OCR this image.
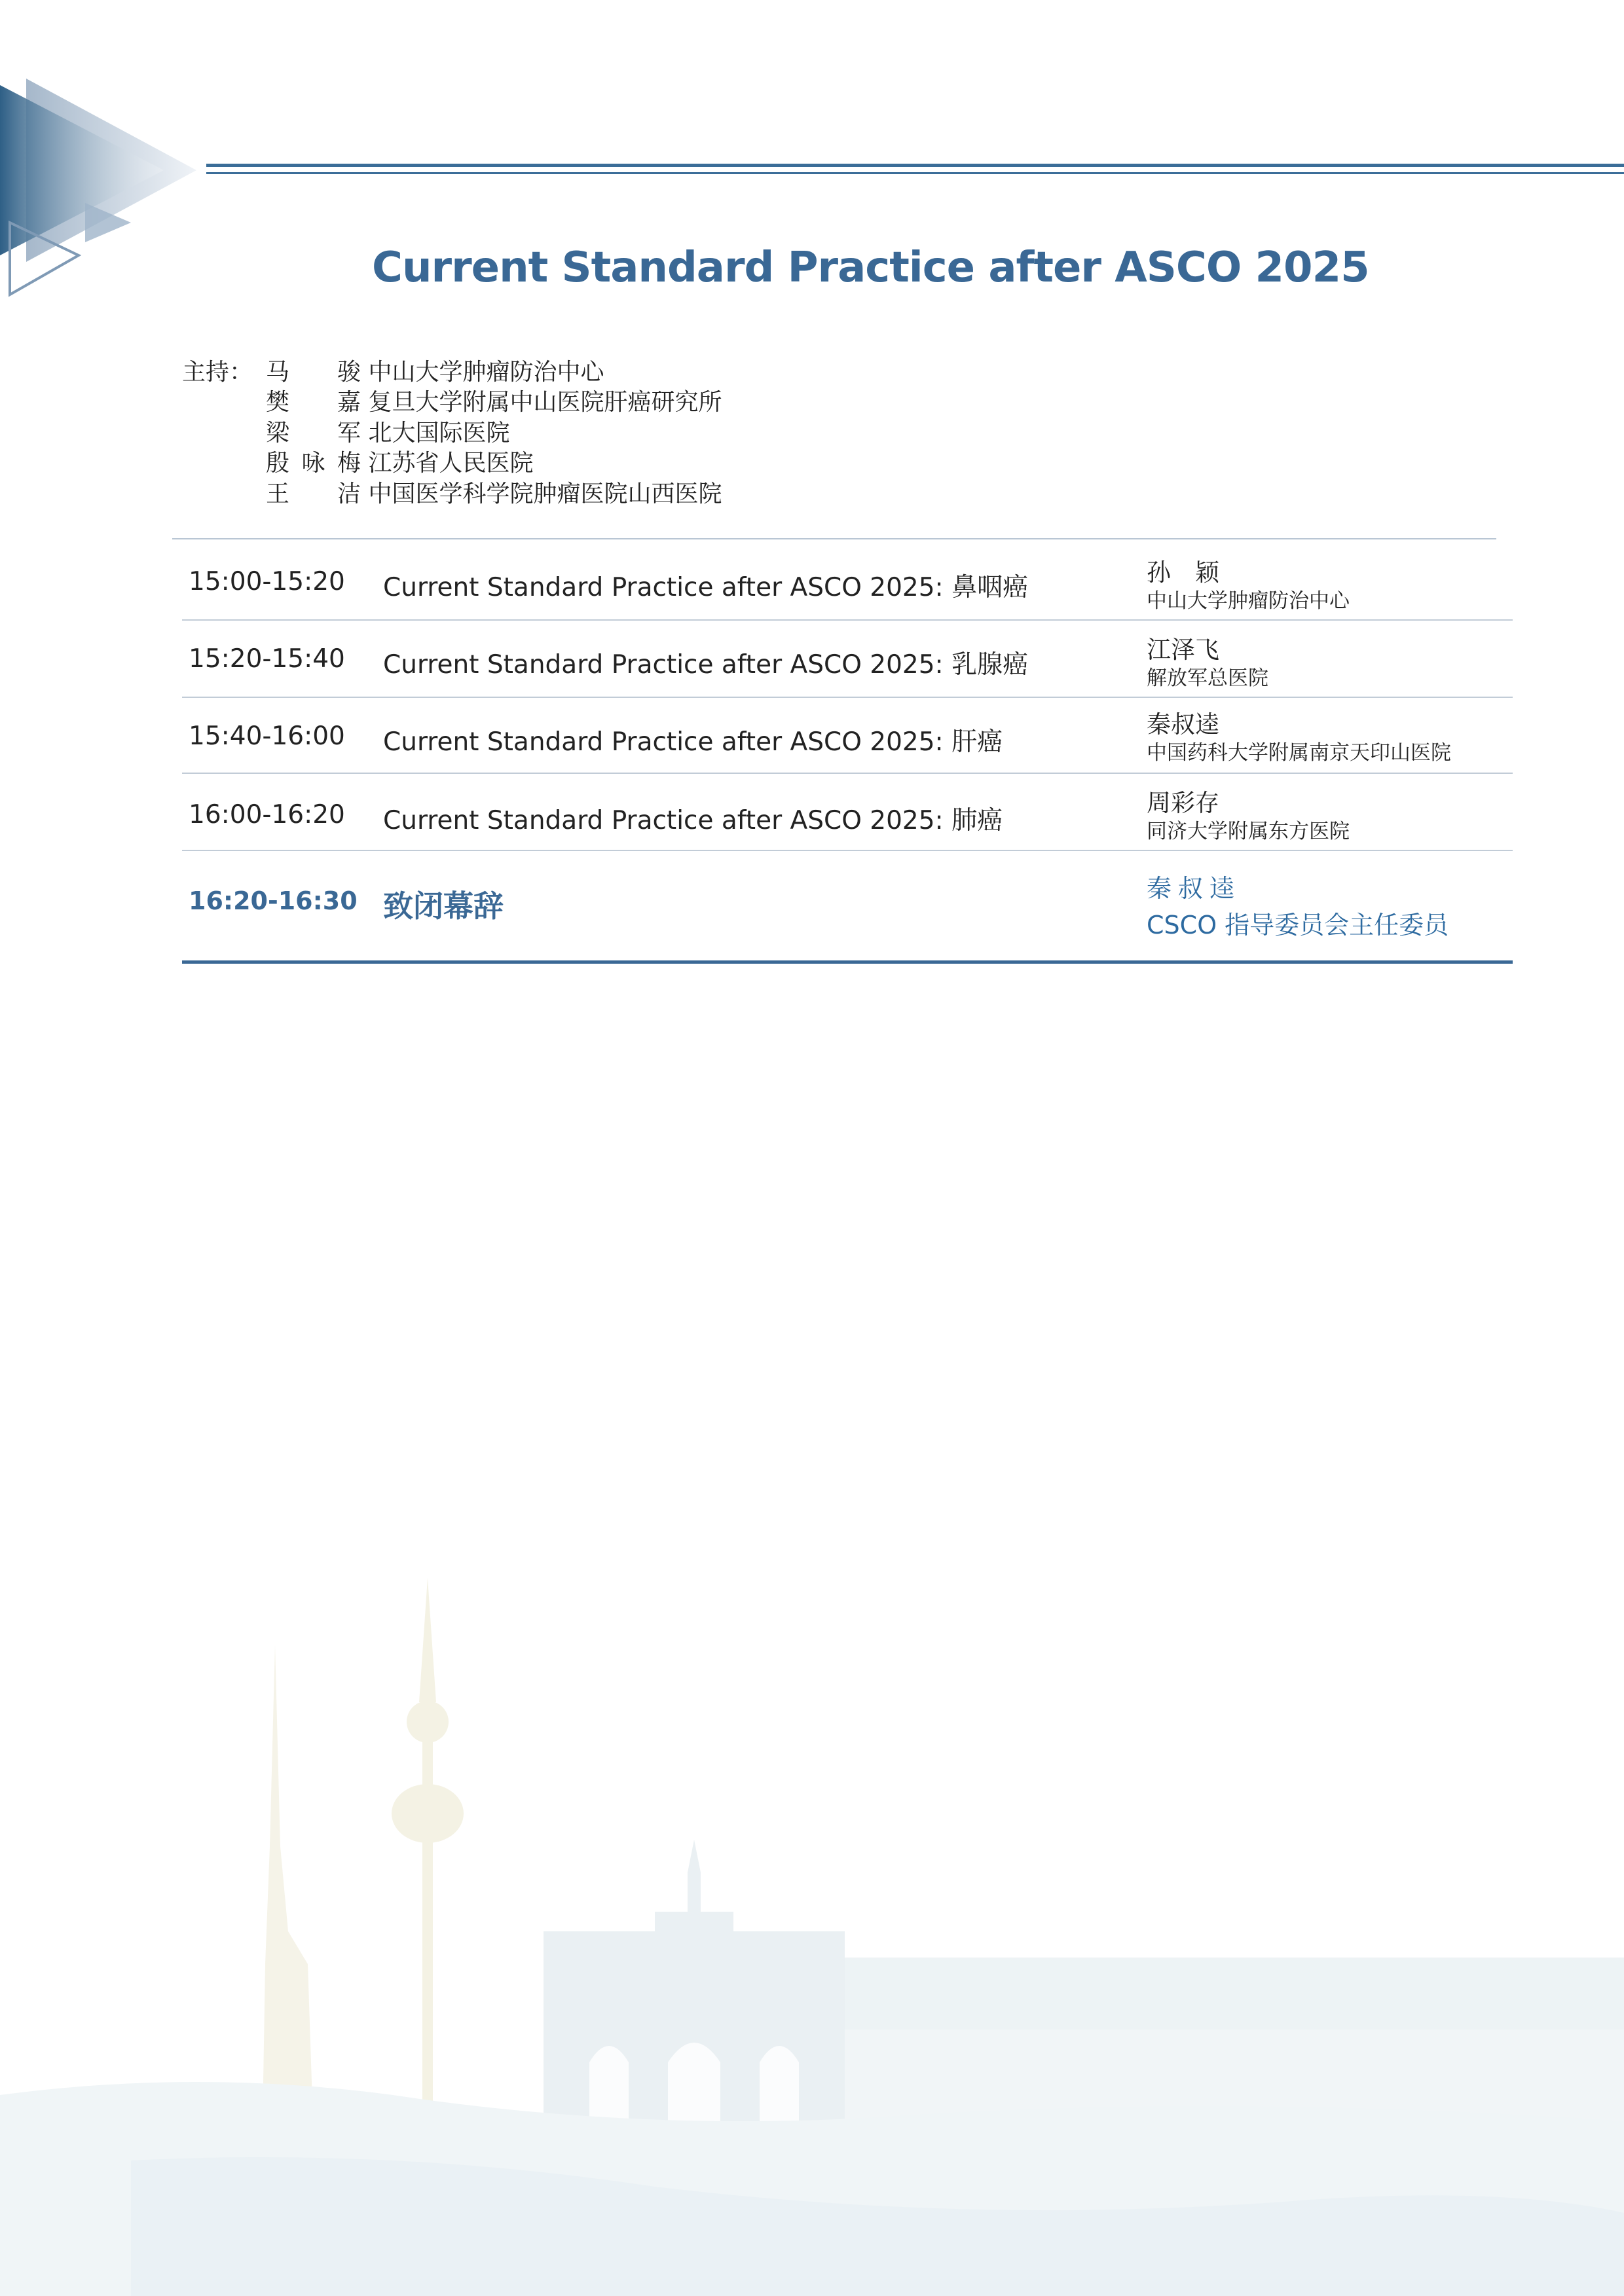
Current Standard Practice after ASCO 2025
主持： 马　骏 中山大学肿瘤防治中心
樊　嘉 复旦大学附属中山医院肝癌研究所
梁　军 北大国际医院
殷咏梅 江苏省人民医院
王　洁 中国医学科学院肿瘤医院山西医院
15:00-15:20 Current Standard Practice after ASCO 2025: 鼻咽癌
孙　颖
中山大学肿瘤防治中心
15:20-15:40 Current Standard Practice after ASCO 2025: 乳腺癌
江泽飞
解放军总医院
15:40-16:00 Current Standard Practice after ASCO 2025: 肝癌
秦叔逵
中国药科大学附属南京天印山医院
16:00-16:20 Current Standard Practice after ASCO 2025: 肺癌
周彩存
同济大学附属东方医院
16:20-16:30 致闭幕辞	秦叔逵
CSCO 指导委员会主任委员
